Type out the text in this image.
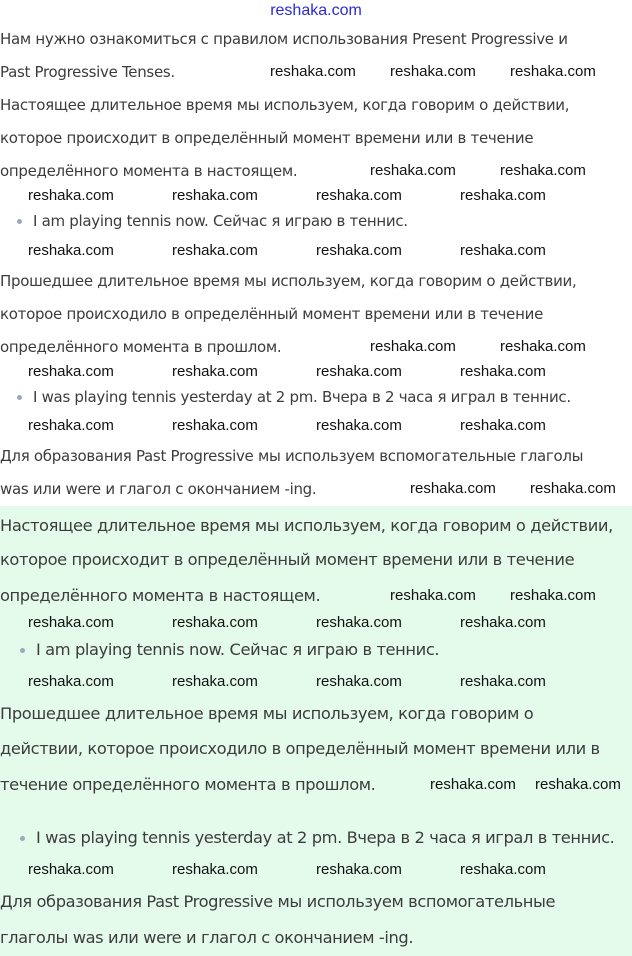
reshaka.com
Нам нужно ознакомиться с правилом использования Present Progressive и
Past Progressive Tenses.
Настоящее длительное время мы используем, когда говорим о действии,
которое происходит в определённый момент времени или в течение
определённого момента в настоящем.
I am playing tennis now. Сейчас я играю в теннис.
Прошедшее длительное время мы используем, когда говорим о действии,
которое происходило в определённый момент времени или в течение
определённого момента в прошлом.
I was playing tennis yesterday at 2 pm. Вчера в 2 часа я играл в теннис.
Для образования Past Progressive мы используем вспомогательные глаголы
was или were и глагол с окончанием -ing.
Настоящее длительное время мы используем, когда говорим о действии,
которое происходит в определённый момент времени или в течение
определённого момента в настоящем.
I am playing tennis now. Сейчас я играю в теннис.
Прошедшее длительное время мы используем, когда говорим о
действии, которое происходило в определённый момент времени или в
течение определённого момента в прошлом.
I was playing tennis yesterday at 2 pm. Вчера в 2 часа я играл в теннис.
Для образования Past Progressive мы используем вспомогательные
глаголы was или were и глагол с окончанием -ing.
reshaka.com reshaka.com reshaka.com
reshaka.com	reshaka.com
reshaka.com	reshaka.com	reshaka.com	reshaka.com
reshaka.com	reshaka.com	reshaka.com	reshaka.com
reshaka.com	reshaka.com
reshaka.com	reshaka.com	reshaka.com	reshaka.com
reshaka.com	reshaka.com	reshaka.com	reshaka.com
reshaka.com reshaka.com
reshaka.com reshaka.com
reshaka.com	reshaka.com	reshaka.com	reshaka.com
reshaka.com	reshaka.com	reshaka.com	reshaka.com
reshaka.com reshaka.com
reshaka.com	reshaka.com	reshaka.com	reshaka.com
